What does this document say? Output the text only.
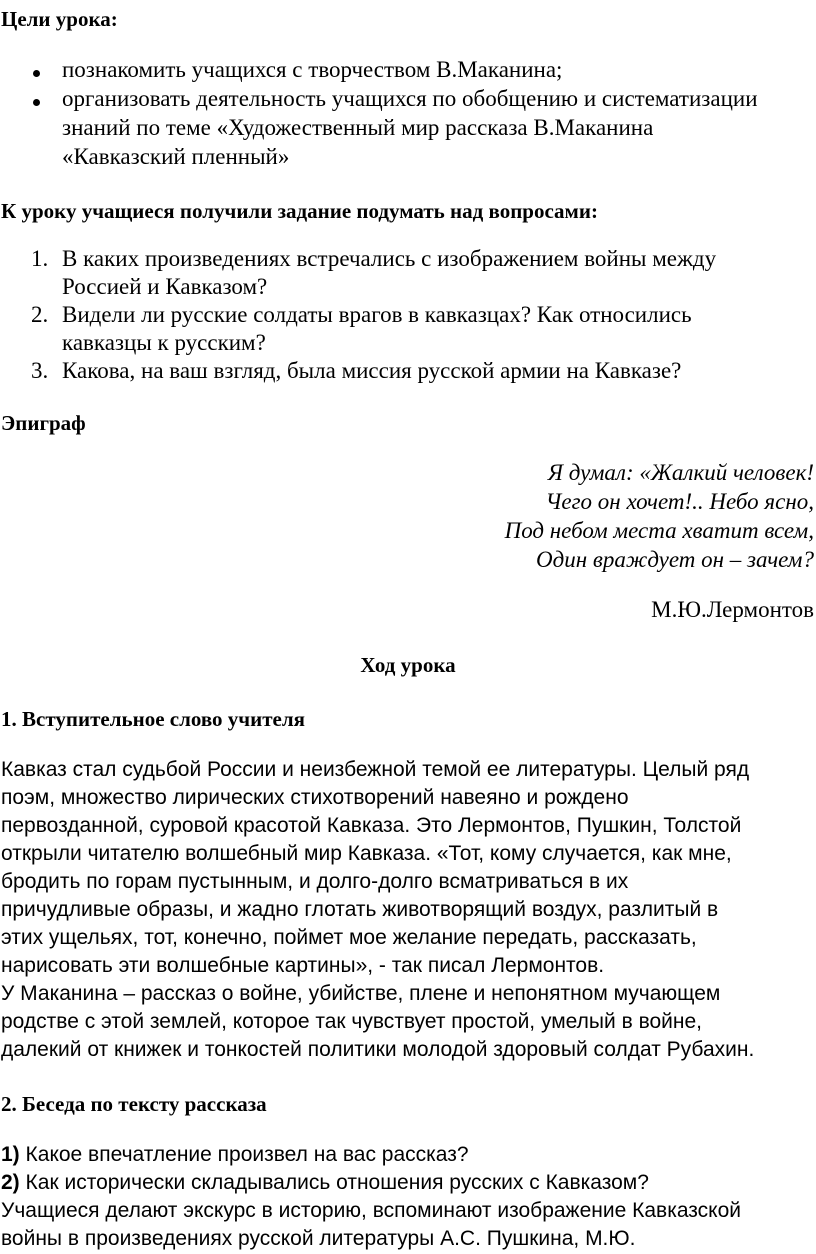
Цели урока:
познакомить учащихся с творчеством В.Маканина;
организовать деятельность учащихся по обобщению и систематизации
знаний по теме «Художественный мир рассказа В.Маканина
«Кавказский пленный»
К уроку учащиеся получили задание подумать над вопросами:
1. В каких произведениях встречались с изображением войны между
Россией и Кавказом?
2. Видели ли русские солдаты врагов в кавказцах? Как относились
кавказцы к русским?
3. Какова, на ваш взгляд, была миссия русской армии на Кавказе?
Эпиграф
Я думал: «Жалкий человек!
Чего он хочет!.. Небо ясно,
Под небом места хватит всем,
Один враждует он – зачем?
М.Ю.Лермонтов
Ход урока
1. Вступительное слово учителя
Кавказ стал судьбой России и неизбежной темой ее литературы. Целый ряд
поэм, множество лирических стихотворений навеяно и рождено
первозданной, суровой красотой Кавказа. Это Лермонтов, Пушкин, Толстой
открыли читателю волшебный мир Кавказа. «Тот, кому случается, как мне,
бродить по горам пустынным, и долго-долго всматриваться в их
причудливые образы, и жадно глотать животворящий воздух, разлитый в
этих ущельях, тот, конечно, поймет мое желание передать, рассказать,
нарисовать эти волшебные картины», - так писал Лермонтов.
У Маканина – рассказ о войне, убийстве, плене и непонятном мучающем
родстве с этой землей, которое так чувствует простой, умелый в войне,
далекий от книжек и тонкостей политики молодой здоровый солдат Рубахин.
2. Беседа по тексту рассказа
1) Какое впечатление произвел на вас рассказ?
2) Как исторически складывались отношения русских с Кавказом?
Учащиеся делают экскурс в историю, вспоминают изображение Кавказской
войны в произведениях русской литературы А.С. Пушкина, М.Ю.
